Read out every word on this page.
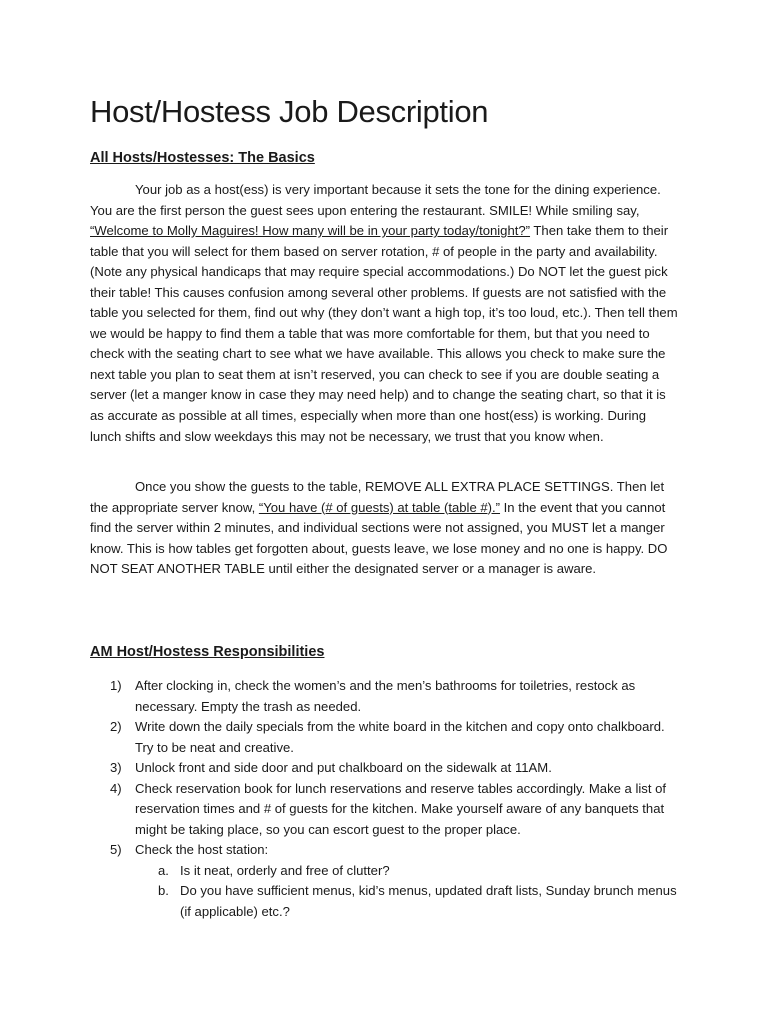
Host/Hostess Job Description
All Hosts/Hostesses: The Basics

Your job as a host(ess) is very important because it sets the tone for the dining experience. You are the first person the guest sees upon entering the restaurant. SMILE! While smiling say, “Welcome to Molly Maguires! How many will be in your party today/tonight?” Then take them to their table that you will select for them based on server rotation, # of people in the party and availability. (Note any physical handicaps that may require special accommodations.) Do NOT let the guest pick their table! This causes confusion among several other problems. If guests are not satisfied with the table you selected for them, find out why (they don’t want a high top, it’s too loud, etc.). Then tell them we would be happy to find them a table that was more comfortable for them, but that you need to check with the seating chart to see what we have available. This allows you check to make sure the next table you plan to seat them at isn’t reserved, you can check to see if you are double seating a server (let a manger know in case they may need help) and to change the seating chart, so that it is as accurate as possible at all times, especially when more than one host(ess) is working. During lunch shifts and slow weekdays this may not be necessary, we trust that you know when.

Once you show the guests to the table, REMOVE ALL EXTRA PLACE SETTINGS. Then let the appropriate server know, “You have (# of guests) at table (table #).” In the event that you cannot find the server within 2 minutes, and individual sections were not assigned, you MUST let a manger know. This is how tables get forgotten about, guests leave, we lose money and no one is happy. DO NOT SEAT ANOTHER TABLE until either the designated server or a manager is aware.

AM Host/Hostess Responsibilities
1) After clocking in, check the women’s and the men’s bathrooms for toiletries, restock as necessary. Empty the trash as needed.
2) Write down the daily specials from the white board in the kitchen and copy onto chalkboard. Try to be neat and creative.
3) Unlock front and side door and put chalkboard on the sidewalk at 11AM.
4) Check reservation book for lunch reservations and reserve tables accordingly. Make a list of reservation times and # of guests for the kitchen. Make yourself aware of any banquets that might be taking place, so you can escort guest to the proper place.
5) Check the host station:
a. Is it neat, orderly and free of clutter?
b. Do you have sufficient menus, kid’s menus, updated draft lists, Sunday brunch menus (if applicable) etc.?
